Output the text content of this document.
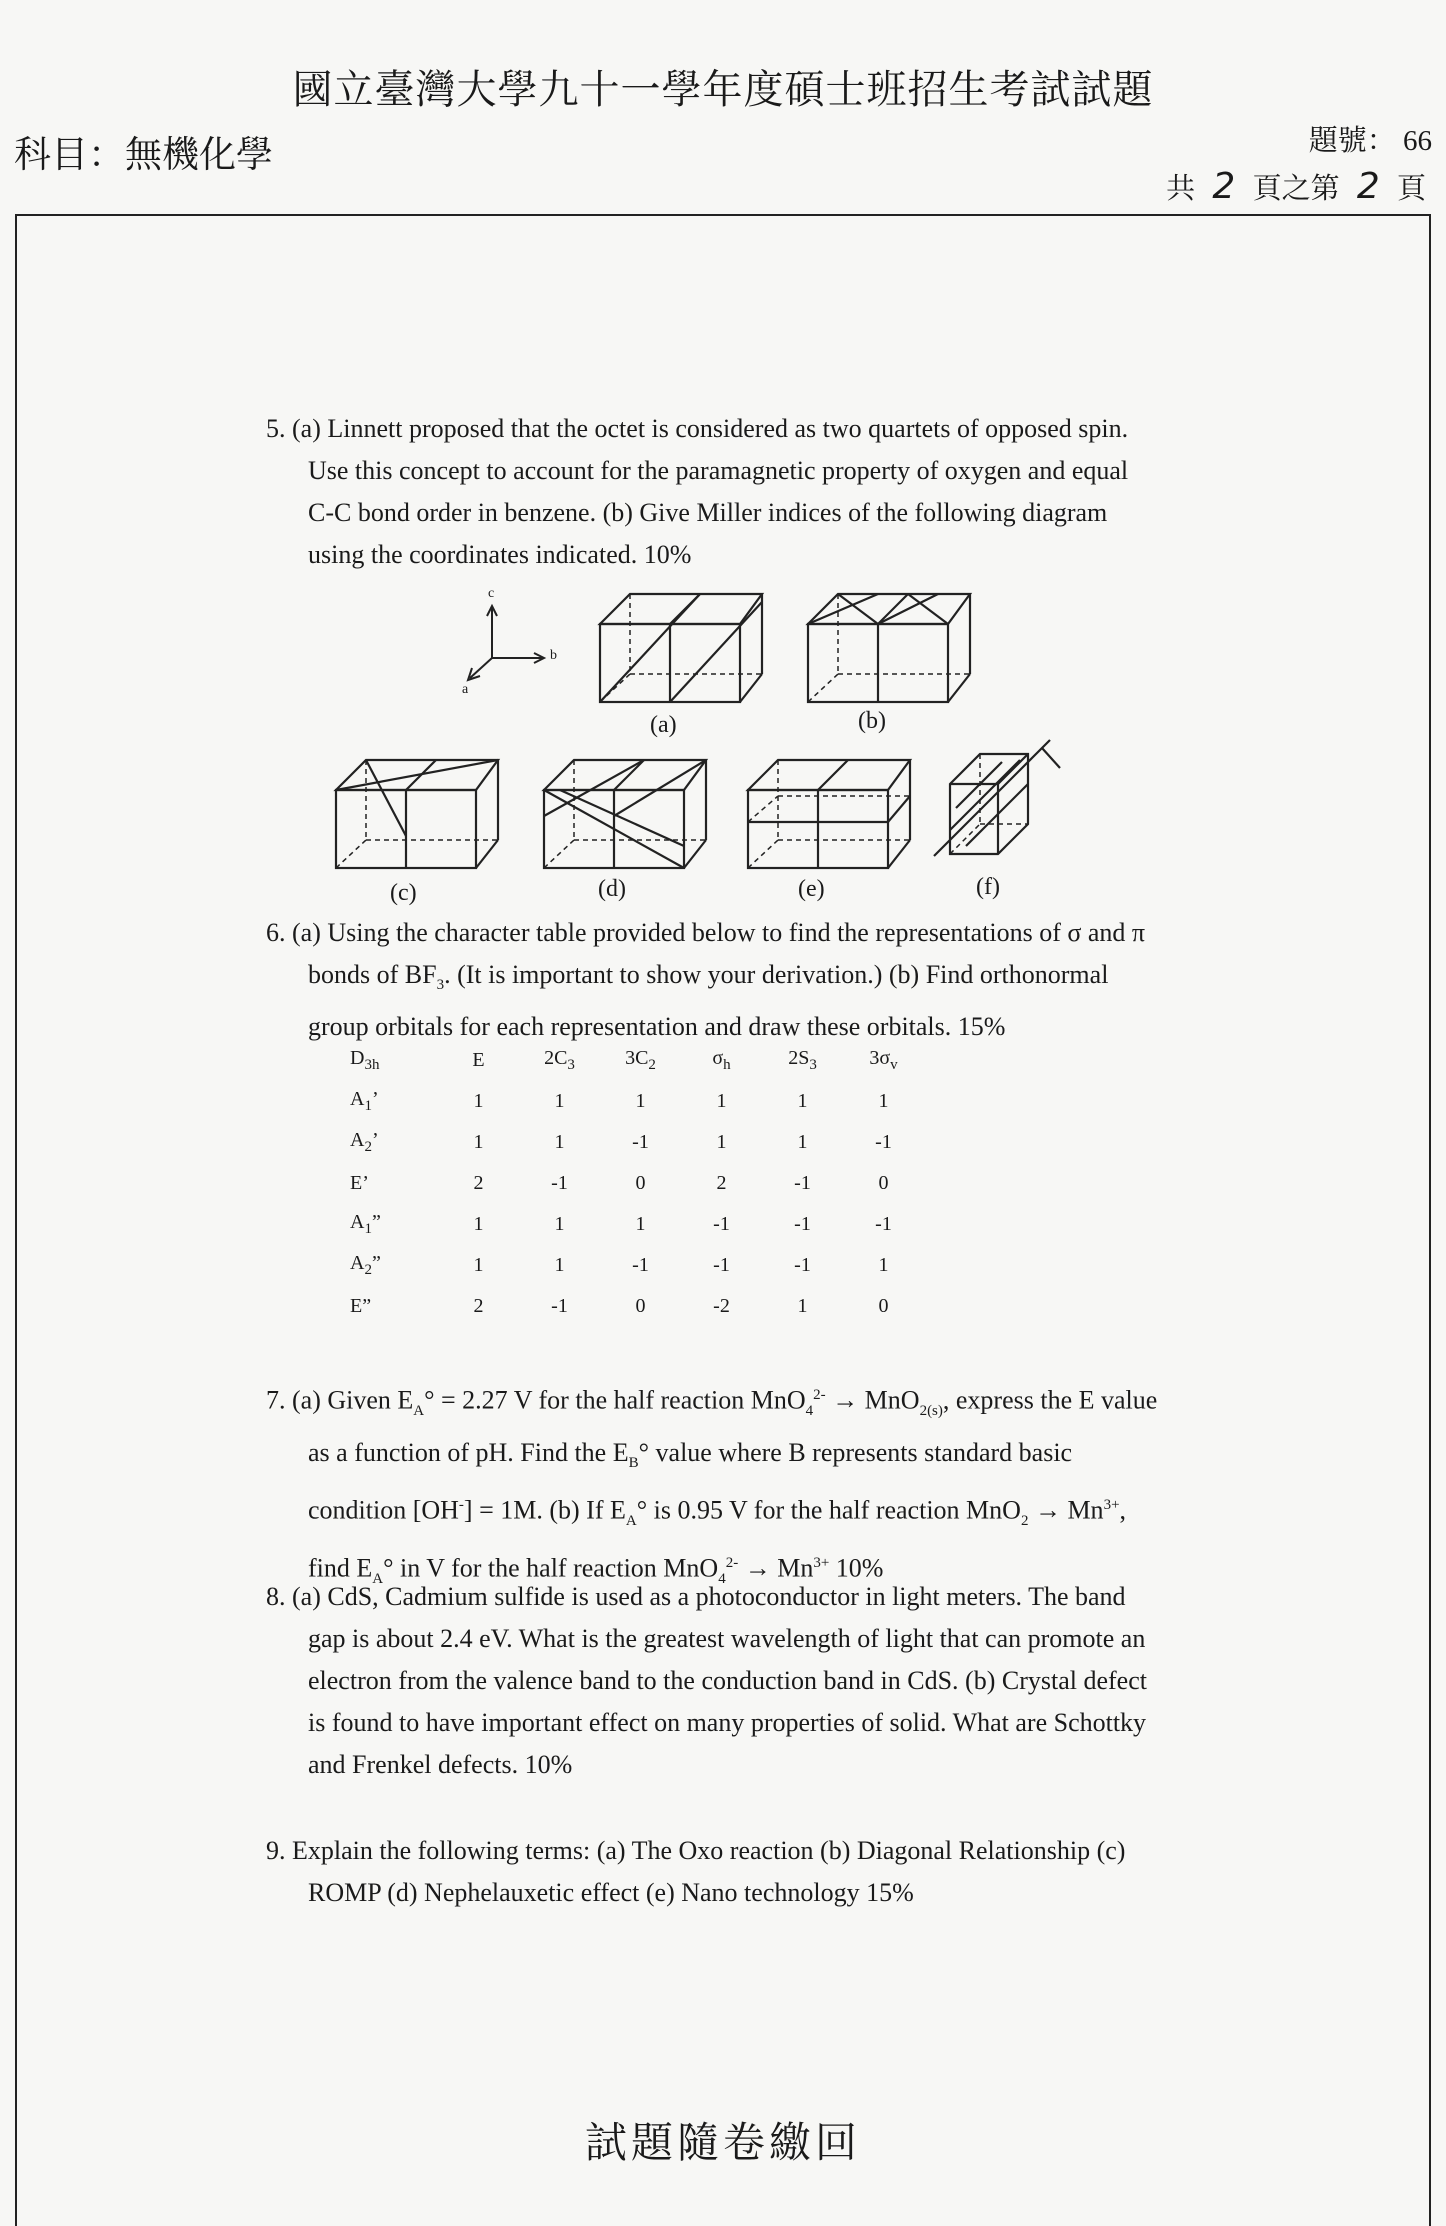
國立臺灣大學九十一學年度碩士班招生考試試題
科目：無機化學	題號： 66
共 2 頁之第 2 頁
5. (a) Linnett proposed that the octet is considered as two quartets of opposed spin.
Use this concept to account for the paramagnetic property of oxygen and equal
C-C bond order in benzene. (b) Give Miller indices of the following diagram
using the coordinates indicated. 10%
c
b
a
(a)	(b)
(c)	(d)	(e)	(f)
6. (a) Using the character table provided below to find the representations of σ and π
bonds of $BF_3$. (It is important to show your derivation.) (b) Find orthonormal
group orbitals for each representation and draw these orbitals. 15%
$D_{3h}$	E	$2C_3$	$3C_2$	$\sigma_h$	$2S_3$	$3\sigma_v$
$A_1$’	1	1	1	1	1	1
$A_2$’	1	1	-1	1	1	-1
E’	2	-1	0	2	-1	0
$A_1$”	1	1	1	-1	-1	-1
$A_2$”	1	1	-1	-1	-1	1
E”	2	-1	0	-2	1	0
7. (a) Given $E_A^\circ = 2.27$ V for the half reaction MnO$_4^{2-}$ → MnO$_{2(s)}$, express the E value
as a function of pH. Find the $E_B^\circ$ value where B represents standard basic
condition [OH-] = 1M. (b) If $E_A^\circ$ is 0.95 V for the half reaction $MnO_2 \to Mn^{3+}$,
find $E_A^\circ$ in V for the half reaction $MnO_4^{2-} \to Mn^{3+}$ 10%
8. (a) CdS, Cadmium sulfide is used as a photoconductor in light meters. The band
gap is about 2.4 eV. What is the greatest wavelength of light that can promote an
electron from the valence band to the conduction band in CdS. (b) Crystal defect
is found to have important effect on many properties of solid. What are Schottky
and Frenkel defects. 10%
9. Explain the following terms: (a) The Oxo reaction (b) Diagonal Relationship (c)
ROMP (d) Nephelauxetic effect (e) Nano technology 15%
試題隨卷繳回
